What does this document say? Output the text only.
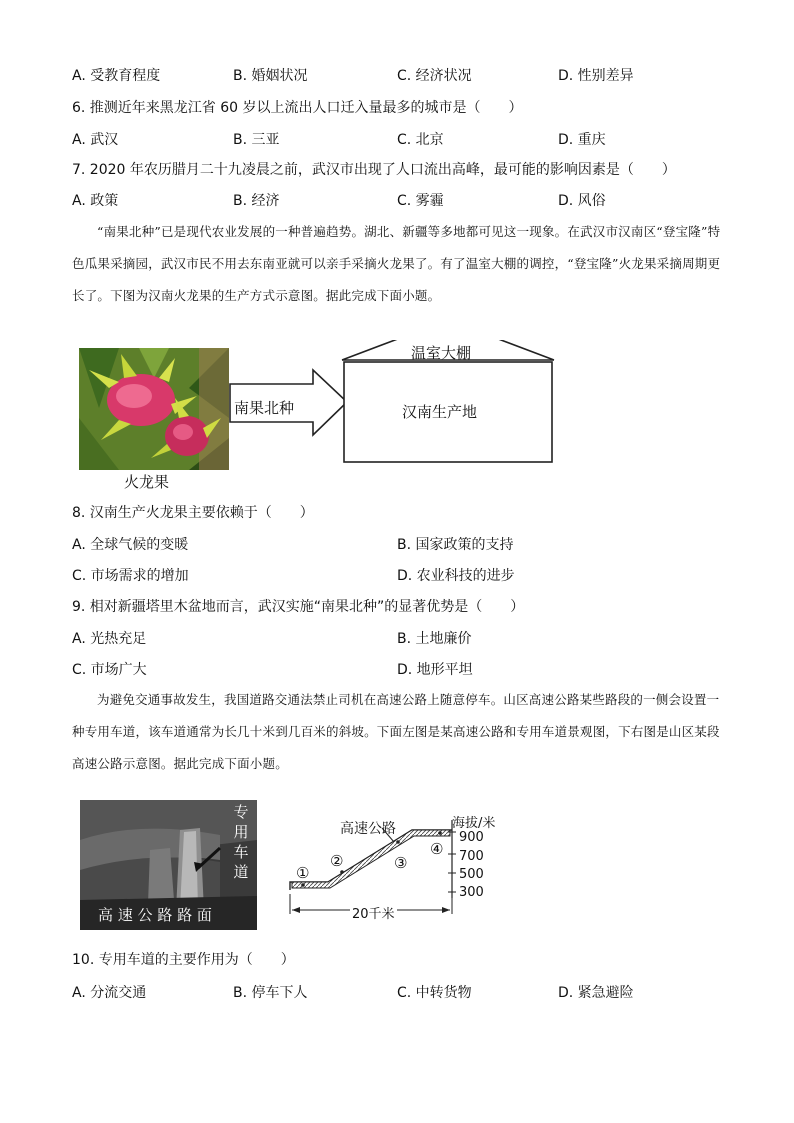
A. 受教育程度	B. 婚姻状况	C. 经济状况	D. 性别差异
6. 推测近年来黑龙江省 60 岁以上流出人口迁入量最多的城市是（　　）
A. 武汉	B. 三亚	C. 北京	D. 重庆
7. 2020 年农历腊月二十九凌晨之前，武汉市出现了人口流出高峰，最可能的影响因素是（　　）
A. 政策	B. 经济	C. 雾霾	D. 风俗
“南果北种”已是现代农业发展的一种普遍趋势。湖北、新疆等多地都可见这一现象。在武汉市汉南区“登宝隆”特色瓜果采摘园，武汉市民不用去东南亚就可以亲手采摘火龙果了。有了温室大棚的调控，“登宝隆”火龙果采摘周期更长了。下图为汉南火龙果的生产方式示意图。据此完成下面小题。
火龙果
南果北种
温室大棚
汉南生产地
8. 汉南生产火龙果主要依赖于（　　）
A. 全球气候的变暖	B. 国家政策的支持
C. 市场需求的增加	D. 农业科技的进步
9. 相对新疆塔里木盆地而言，武汉实施“南果北种”的显著优势是（　　）
A. 光热充足	B. 土地廉价
C. 市场广大	D. 地形平坦
为避免交通事故发生，我国道路交通法禁止司机在高速公路上随意停车。山区高速公路某些路段的一侧会设置一种专用车道，该车道通常为长几十米到几百米的斜坡。下面左图是某高速公路和专用车道景观图，下右图是山区某段高速公路示意图。据此完成下面小题。
专用车道
高 速 公 路 路 面
高速公路	海拔/米
900
700
500
300
20千米
①
②	③
④
10. 专用车道的主要作用为（　　）
A. 分流交通	B. 停车下人	C. 中转货物	D. 紧急避险
